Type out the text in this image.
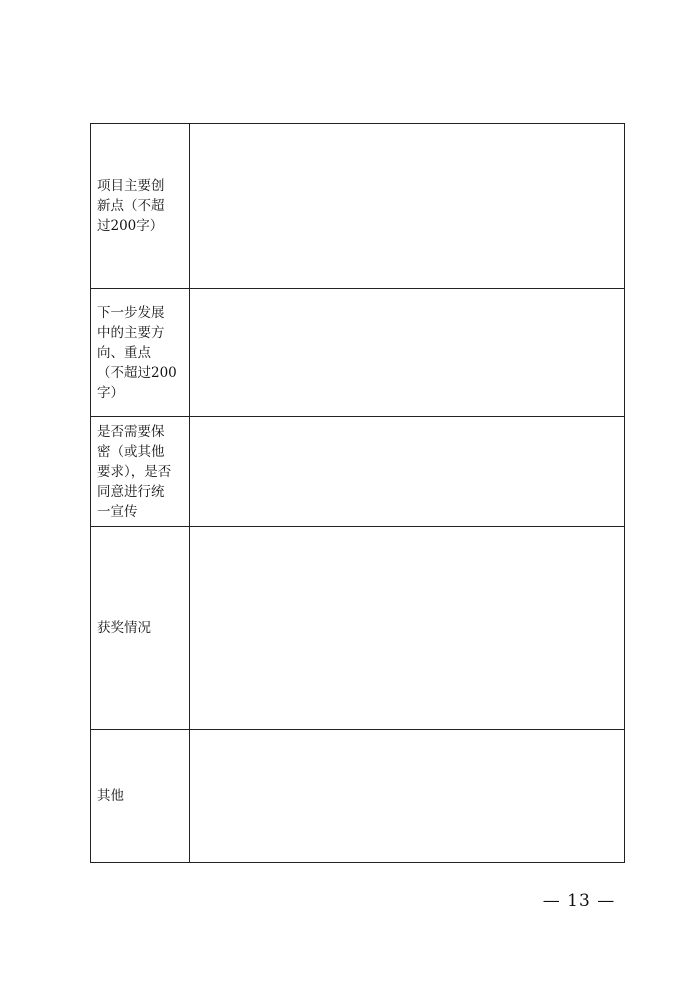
项目主要创新点（不超过200字）	

下一步发展中的主要方向、重点（不超过200字）	

是否需要保密（或其他要求），是否同意进行统一宣传	

获奖情况	

其他	

— 13 —
